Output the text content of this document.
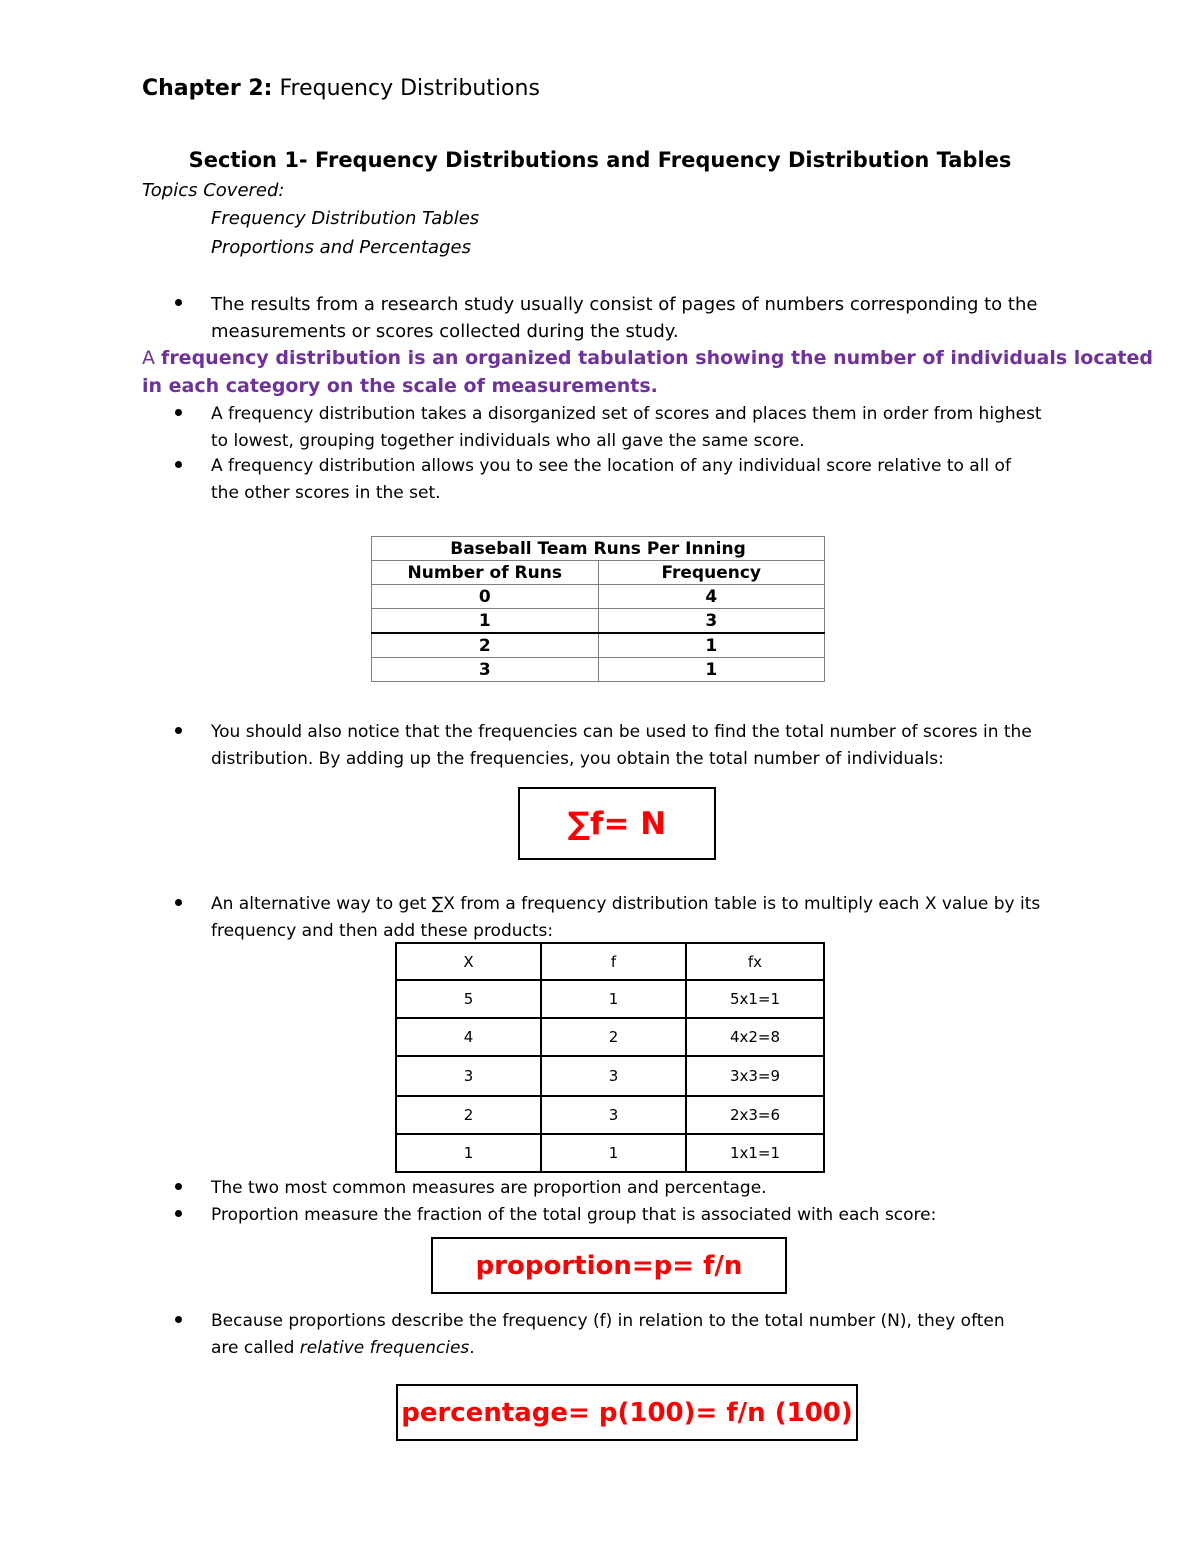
Chapter 2: Frequency Distributions
Section 1- Frequency Distributions and Frequency Distribution Tables
Topics Covered:
Frequency Distribution Tables
Proportions and Percentages
The results from a research study usually consist of pages of numbers corresponding to the
measurements or scores collected during the study.
A frequency distribution is an organized tabulation showing the number of individuals located
in each category on the scale of measurements.
A frequency distribution takes a disorganized set of scores and places them in order from highest
to lowest, grouping together individuals who all gave the same score.
A frequency distribution allows you to see the location of any individual score relative to all of
the other scores in the set.
Baseball Team Runs Per Inning	
Number of Runs	Frequency
0	4
1	3
2	1
3	1
You should also notice that the frequencies can be used to find the total number of scores in the
distribution. By adding up the frequencies, you obtain the total number of individuals:
∑f= N
An alternative way to get ∑X from a frequency distribution table is to multiply each X value by its
frequency and then add these products:
X	f	fx
5	1	5x1=1
4	2	4x2=8
3	3	3x3=9
2	3	2x3=6
1	1	1x1=1
The two most common measures are proportion and percentage.
Proportion measure the fraction of the total group that is associated with each score:
proportion=p= f/n
Because proportions describe the frequency (f) in relation to the total number (N), they often
are called relative frequencies.
percentage= p(100)= f/n (100)
